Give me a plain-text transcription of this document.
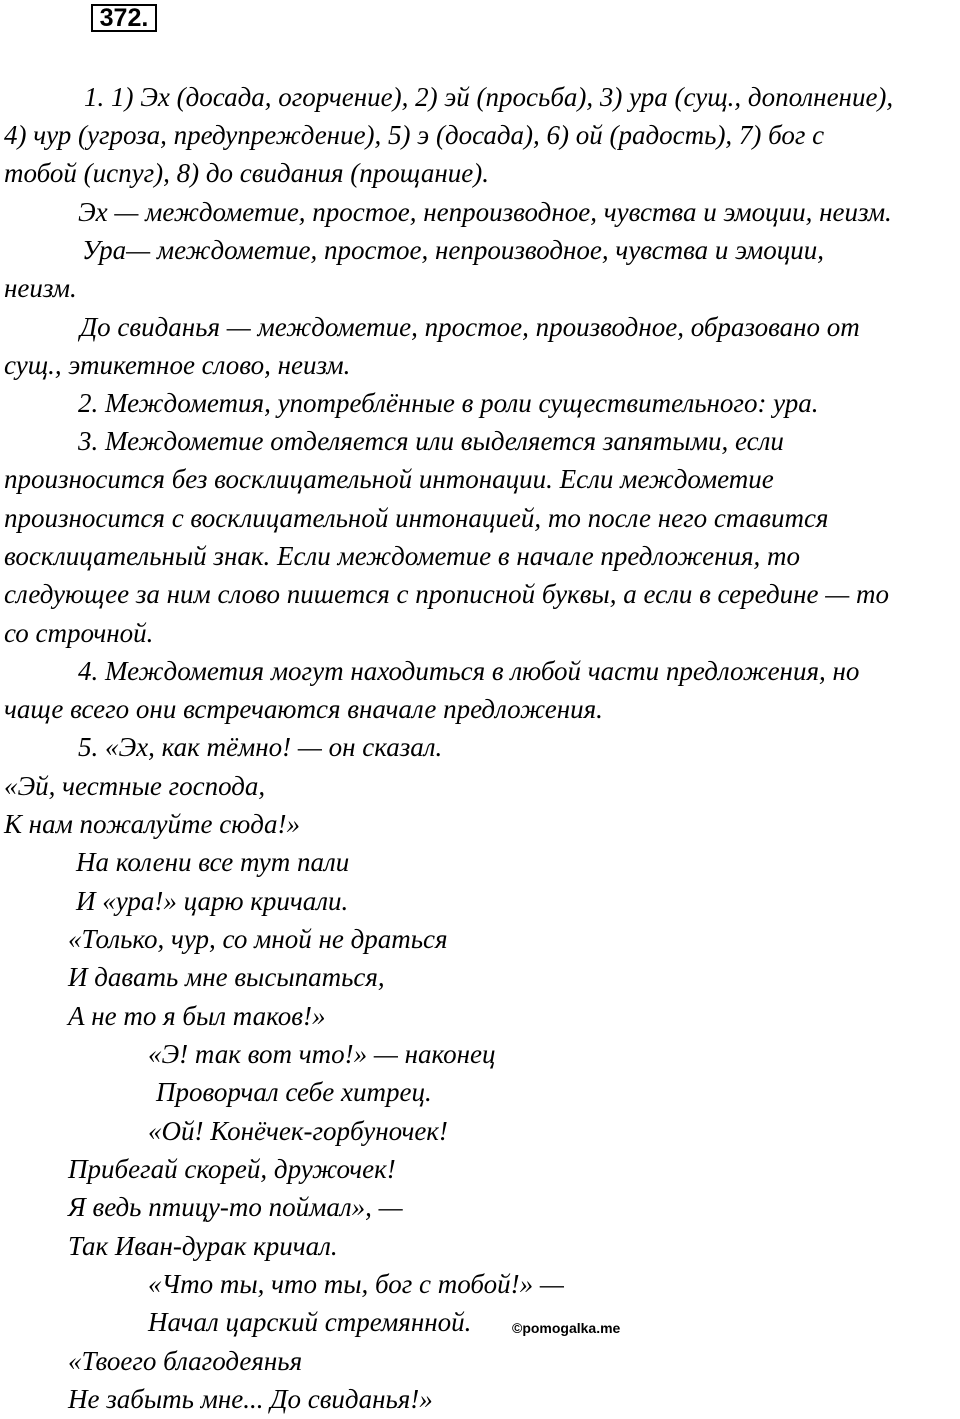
372.
1. 1) Эх (досада, огорчение), 2) эй (просьба), 3) ура (сущ., дополнение),
4) чур (угроза, предупреждение), 5) э (досада), 6) ой (радость), 7) бог с
тобой (испуг), 8) до свидания (прощание).
Эх — междометие, простое, непроизводное, чувства и эмоции, неизм.
Ура— междометие, простое, непроизводное, чувства и эмоции,
неизм.
До свиданья — междометие, простое, производное, образовано от
сущ., этикетное слово, неизм.
2. Междометия, употреблённые в роли существительного: ура.
3. Междометие отделяется или выделяется запятыми, если
произносится без восклицательной интонации. Если междометие
произносится с восклицательной интонацией, то после него ставится
восклицательный знак. Если междометие в начале предложения, то
следующее за ним слово пишется с прописной буквы, а если в середине — то
со строчной.
4. Междометия могут находиться в любой части предложения, но
чаще всего они встречаются вначале предложения.
5. «Эх, как тёмно! — он сказал.
«Эй, честные господа,
К нам пожалуйте сюда!»
На колени все тут пали
И «ура!» царю кричали.
«Только, чур, со мной не драться
И давать мне высыпаться,
А не то я был таков!»
«Э! так вот что!» — наконец
Проворчал себе хитрец.
«Ой! Конёчек-горбуночек!
Прибегай скорей, дружочек!
Я ведь птицу-то поймал», —
Так Иван-дурак кричал.
«Что ты, что ты, бог с тобой!» —
Начал царский стремянной.
«Твоего благодеянья
Не забыть мне... До свиданья!»
©pomogalka.me
